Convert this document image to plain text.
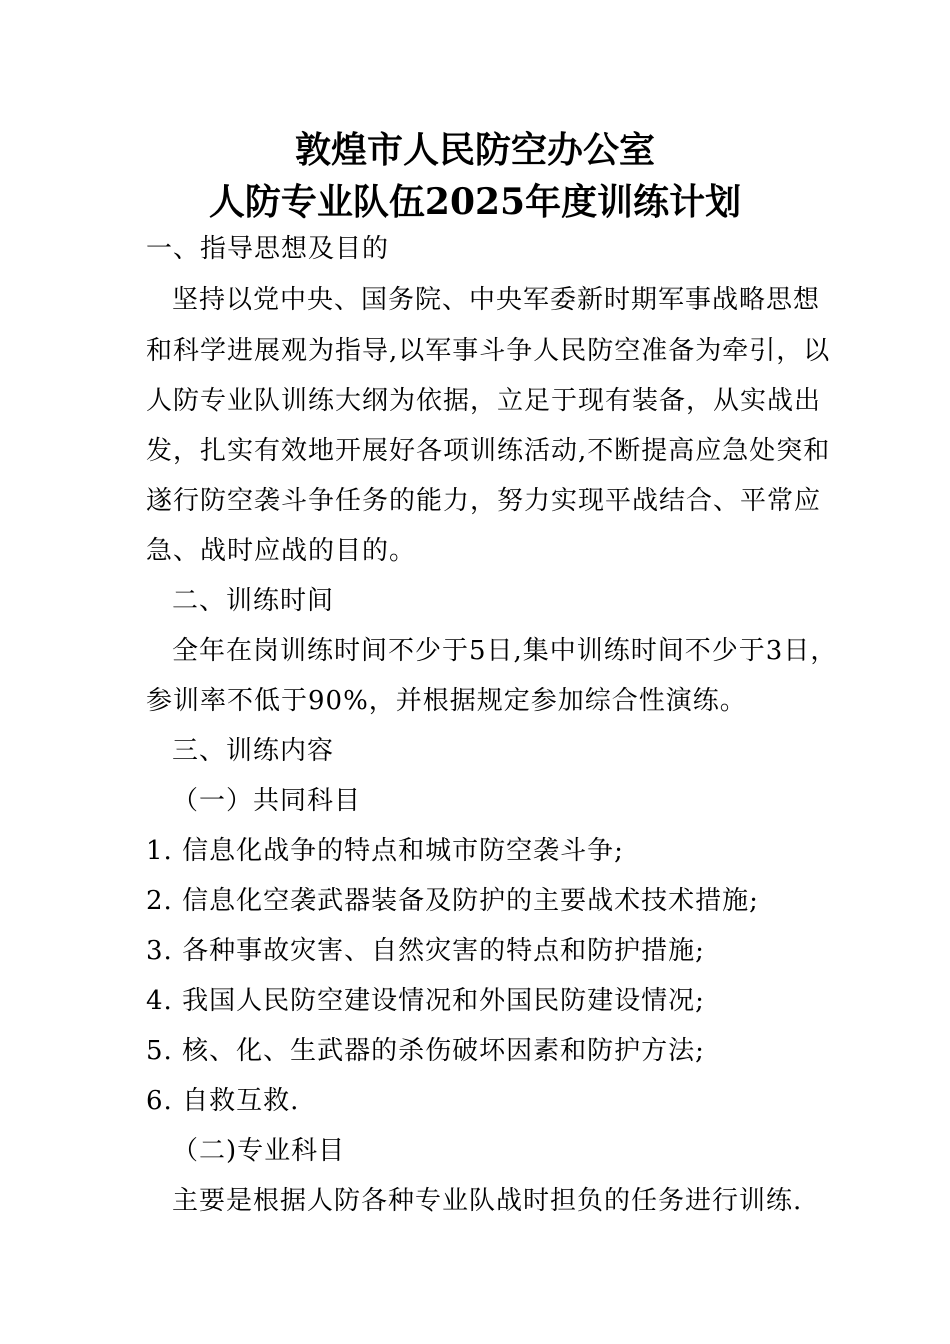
敦煌市人民防空办公室
人防专业队伍2025年度训练计划
一、指导思想及目的
坚持以党中央、国务院、中央军委新时期军事战略思想
和科学进展观为指导,以军事斗争人民防空准备为牵引，以
人防专业队训练大纲为依据，立足于现有装备，从实战出
发，扎实有效地开展好各项训练活动,不断提高应急处突和
遂行防空袭斗争任务的能力，努力实现平战结合、平常应
急、战时应战的目的。
二、训练时间
全年在岗训练时间不少于5日,集中训练时间不少于3日，
参训率不低于90%，并根据规定参加综合性演练。
三、训练内容
（一）共同科目
1. 信息化战争的特点和城市防空袭斗争;
2. 信息化空袭武器装备及防护的主要战术技术措施;
3. 各种事故灾害、自然灾害的特点和防护措施;
4. 我国人民防空建设情况和外国民防建设情况;
5. 核、化、生武器的杀伤破坏因素和防护方法;
6. 自救互救.
（二)专业科目
主要是根据人防各种专业队战时担负的任务进行训练.
